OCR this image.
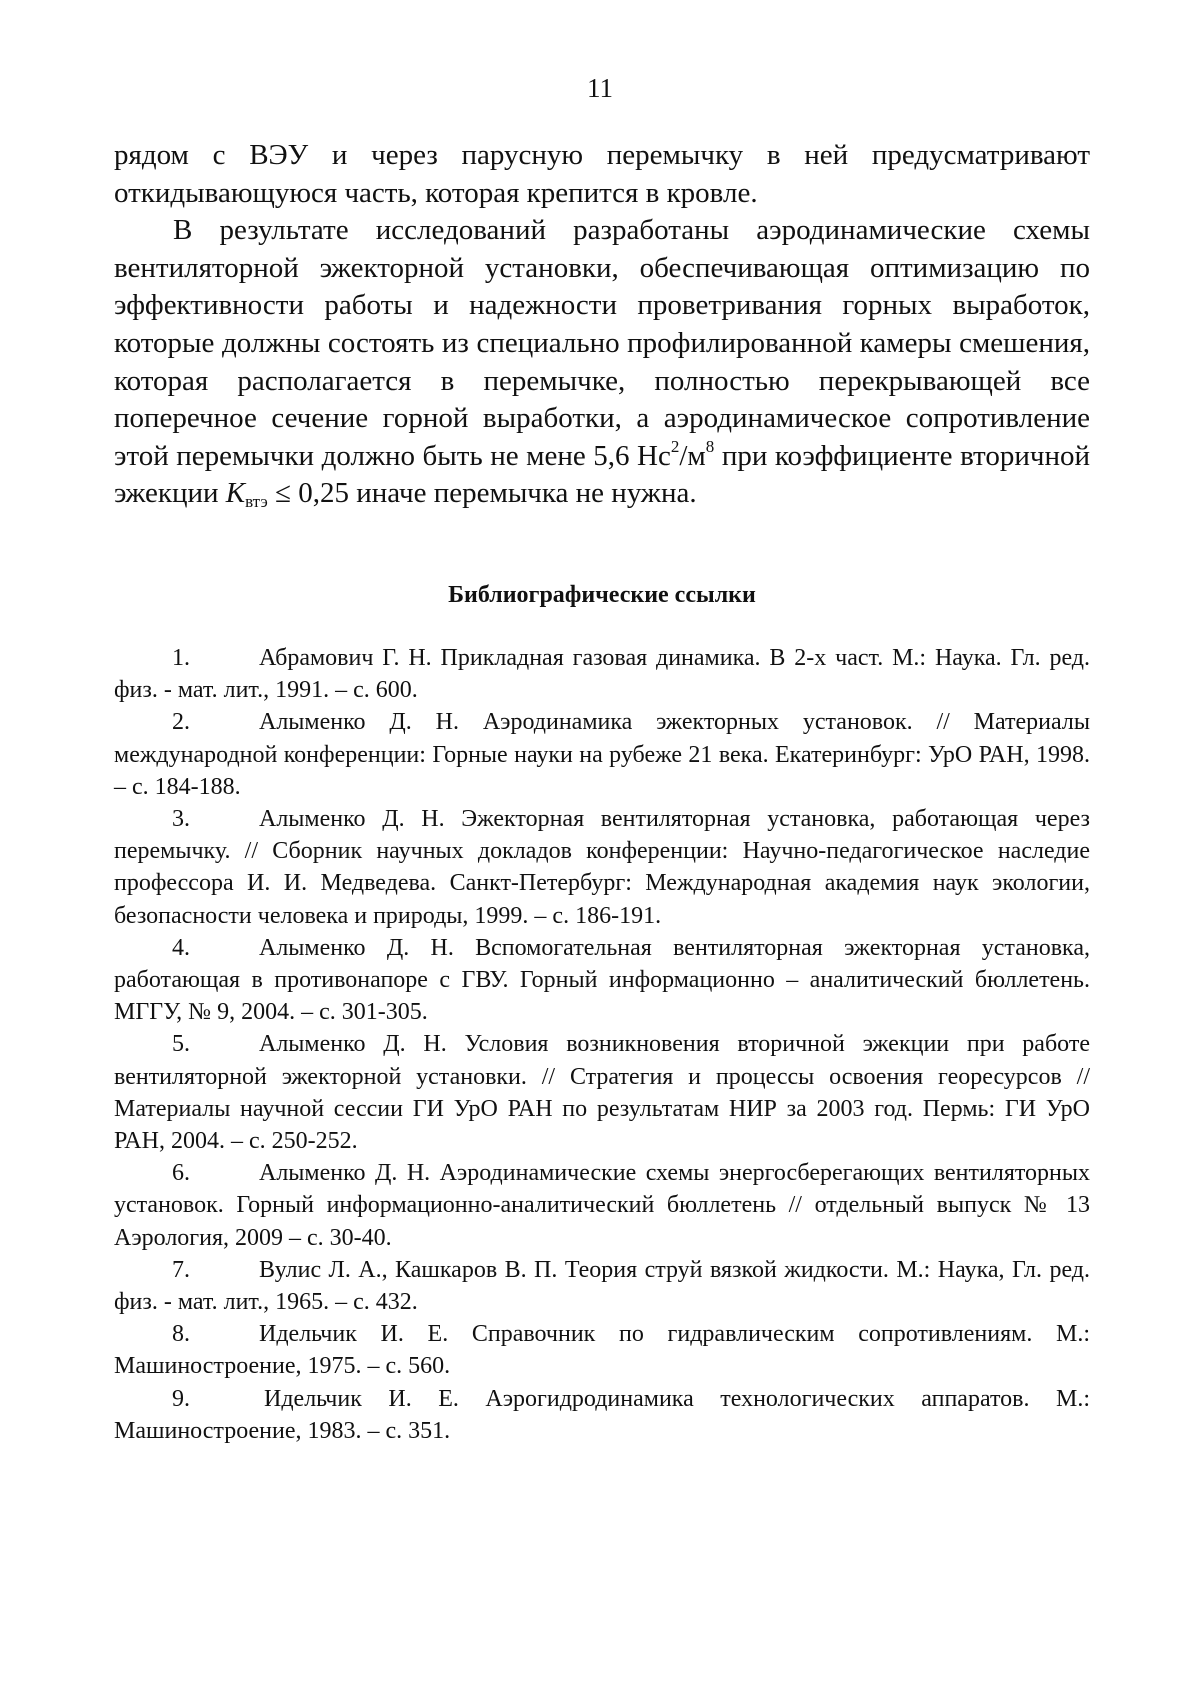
11

рядом с ВЭУ и через парусную перемычку в ней предусматривают откидывающуюся часть, которая крепится в кровле.

В результате исследований разработаны аэродинамические схемы вентиляторной эжекторной установки, обеспечивающая оптимизацию по эффективности работы и надежности проветривания горных выработок, которые должны состоять из специально профилированной камеры смешения, которая располагается в перемычке, полностью перекрывающей все поперечное сечение горной выработки, а аэродинамическое сопротивление этой перемычки должно быть не мене 5,6 $Нс^2/м^8$ при коэффициенте вторичной эжекции $К_{втэ} \le 0,25$ иначе перемычка не нужна.

Библиографические ссылки
1.	Абрамович Г. Н. Прикладная газовая динамика. В 2-х част. М.: Наука. Гл. ред. физ. - мат. лит., 1991. – с. 600.
2.	Алыменко Д. Н. Аэродинамика эжекторных установок. // Материалы международной конференции: Горные науки на рубеже 21 века. Екатеринбург: УрО РАН, 1998. – с. 184-188.
3.	Алыменко Д. Н. Эжекторная вентиляторная установка, работающая через перемычку. // Сборник научных докладов конференции: Научно-педагогическое наследие профессора И. И. Медведева. Санкт-Петербург: Международная академия наук экологии, безопасности человека и природы, 1999. – с. 186-191.
4.	Алыменко Д. Н. Вспомогательная вентиляторная эжекторная установка, работающая в противонапоре с ГВУ. Горный информационно – аналитический бюллетень. МГГУ, № 9, 2004. – с. 301-305.
5.	Алыменко Д. Н. Условия возникновения вторичной эжекции при работе вентиляторной эжекторной установки. // Стратегия и процессы освоения георесурсов // Материалы научной сессии ГИ УрО РАН по результатам НИР за 2003 год. Пермь: ГИ УрО РАН, 2004. – с. 250-252.
6.	Алыменко Д. Н. Аэродинамические схемы энергосберегающих вентиляторных установок. Горный информационно-аналитический бюллетень // отдельный выпуск № 13 Аэрология, 2009 – с. 30-40.
7.	Вулис Л. А., Кашкаров В. П. Теория струй вязкой жидкости. М.: Наука, Гл. ред. физ. - мат. лит., 1965. – с. 432.
8.	Идельчик И. Е. Справочник по гидравлическим сопротивлениям. М.: Машиностроение, 1975. – с. 560.
9.	Идельчик И. Е. Аэрогидродинамика технологических аппаратов. М.: Машиностроение, 1983. – с. 351.
